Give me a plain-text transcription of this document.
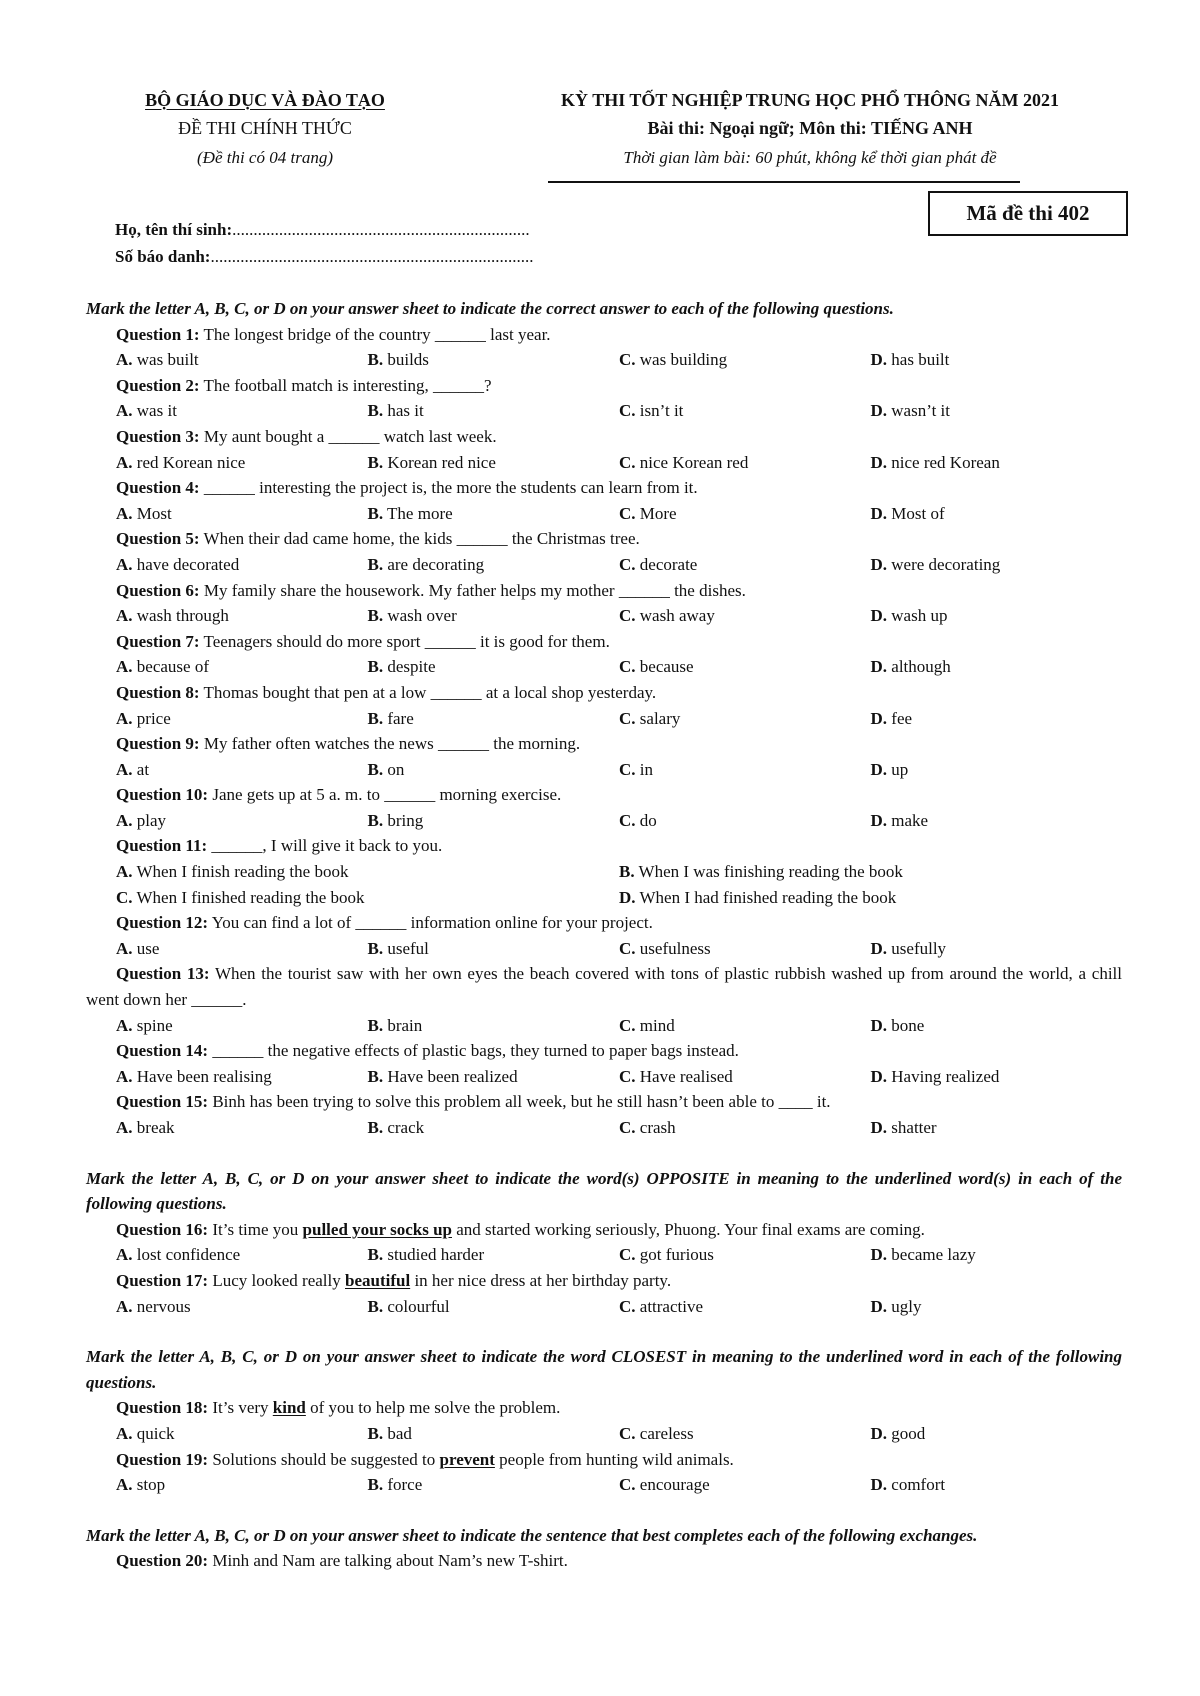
BỘ GIÁO DỤC VÀ ĐÀO TẠO
ĐỀ THI CHÍNH THỨC
(Đề thi có 04 trang)
KỲ THI TỐT NGHIỆP TRUNG HỌC PHỔ THÔNG NĂM 2021
Bài thi: Ngoại ngữ; Môn thi: TIẾNG ANH
Thời gian làm bài: 60 phút, không kể thời gian phát đề
Mã đề thi 402
Họ, tên thí sinh:......................................................................
Số báo danh:............................................................................
Mark the letter A, B, C, or D on your answer sheet to indicate the correct answer to each of the following questions.
Question 1: The longest bridge of the country ______ last year.
A. was built	B. builds	C. was building	D. has built
Question 2: The football match is interesting, ______?
A. was it	B. has it	C. isn’t it	D. wasn’t it
Question 3: My aunt bought a ______ watch last week.
A. red Korean nice	B. Korean red nice	C. nice Korean red	D. nice red Korean
Question 4: ______ interesting the project is, the more the students can learn from it.
A. Most	B. The more	C. More	D. Most of
Question 5: When their dad came home, the kids ______ the Christmas tree.
A. have decorated	B. are decorating	C. decorate	D. were decorating
Question 6: My family share the housework. My father helps my mother ______ the dishes.
A. wash through	B. wash over	C. wash away	D. wash up
Question 7: Teenagers should do more sport ______ it is good for them.
A. because of	B. despite	C. because	D. although
Question 8: Thomas bought that pen at a low ______ at a local shop yesterday.
A. price	B. fare	C. salary	D. fee
Question 9: My father often watches the news ______ the morning.
A. at	B. on	C. in	D. up
Question 10: Jane gets up at 5 a. m. to ______ morning exercise.
A. play	B. bring	C. do	D. make
Question 11: ______, I will give it back to you.
A. When I finish reading the book	B. When I was finishing reading the book
C. When I finished reading the book	D. When I had finished reading the book
Question 12: You can find a lot of ______ information online for your project.
A. use	B. useful	C. usefulness	D. usefully
Question 13: When the tourist saw with her own eyes the beach covered with tons of plastic rubbish washed up from around the world, a chill went down her ______.
A. spine	B. brain	C. mind	D. bone
Question 14: ______ the negative effects of plastic bags, they turned to paper bags instead.
A. Have been realising	B. Have been realized	C. Have realised	D. Having realized
Question 15: Binh has been trying to solve this problem all week, but he still hasn’t been able to ____ it.
A. break	B. crack	C. crash	D. shatter
Mark the letter A, B, C, or D on your answer sheet to indicate the word(s) OPPOSITE in meaning to the underlined word(s) in each of the following questions.
Question 16: It’s time you pulled your socks up and started working seriously, Phuong. Your final exams are coming.
A. lost confidence	B. studied harder	C. got furious	D. became lazy
Question 17: Lucy looked really beautiful in her nice dress at her birthday party.
A. nervous	B. colourful	C. attractive	D. ugly
Mark the letter A, B, C, or D on your answer sheet to indicate the word CLOSEST in meaning to the underlined word in each of the following questions.
Question 18: It’s very kind of you to help me solve the problem.
A. quick	B. bad	C. careless	D. good
Question 19: Solutions should be suggested to prevent people from hunting wild animals.
A. stop	B. force	C. encourage	D. comfort
Mark the letter A, B, C, or D on your answer sheet to indicate the sentence that best completes each of the following exchanges.
Question 20: Minh and Nam are talking about Nam’s new T-shirt.
